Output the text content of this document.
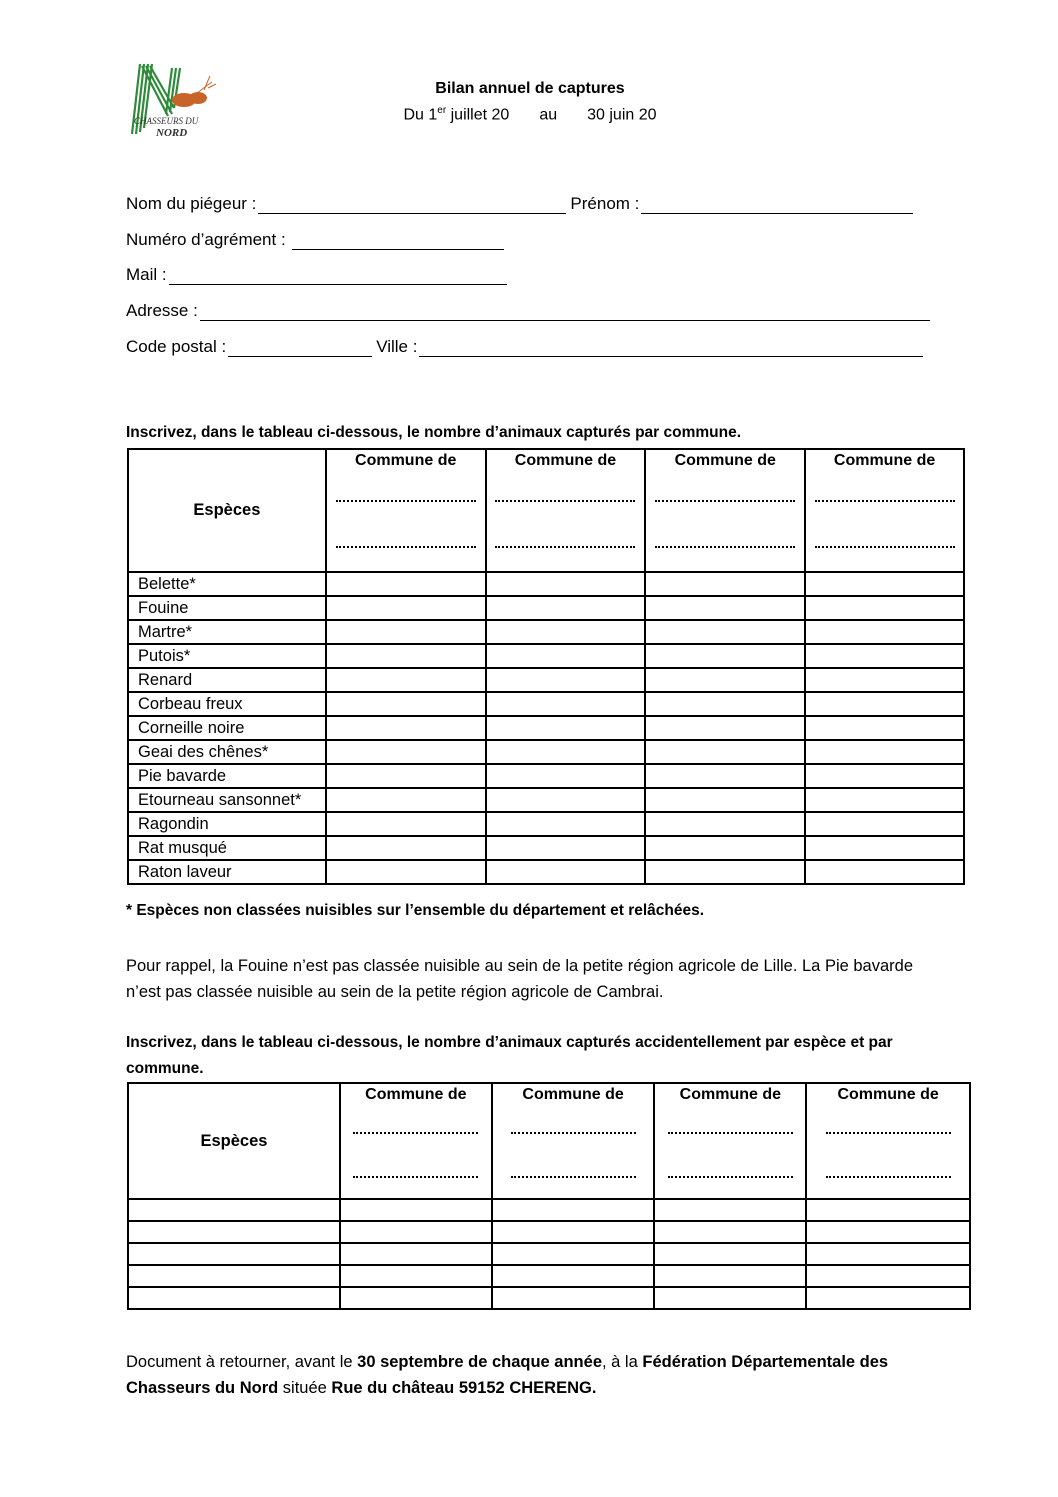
CHASSEURS DU
NORD
Bilan annuel de captures
Du 1er juillet 20 au 30 juin 20
Nom du piégeur :	Prénom :
Numéro d’agrément :
Mail :
Adresse :
Code postal :	Ville :
Inscrivez, dans le tableau ci-dessous, le nombre d’animaux capturés par commune.
Espèces	Commune de	Commune de	Commune de	Commune de

Belette*				
Fouine				
Martre*				
Putois*				
Renard				
Corbeau freux				
Corneille noire				
Geai des chênes*				
Pie bavarde				
Etourneau sansonnet*				
Ragondin				
Rat musqué				
Raton laveur				
* Espèces non classées nuisibles sur l’ensemble du département et relâchées.
Pour rappel, la Fouine n’est pas classée nuisible au sein de la petite région agricole de Lille. La Pie bavarde n’est pas classée nuisible au sein de la petite région agricole de Cambrai.
Inscrivez, dans le tableau ci-dessous, le nombre d’animaux capturés accidentellement par espèce et par commune.
Espèces	Commune de	Commune de	Commune de	Commune de

Document à retourner, avant le 30 septembre de chaque année, à la Fédération Départementale des Chasseurs du Nord située Rue du château 59152 CHERENG.
